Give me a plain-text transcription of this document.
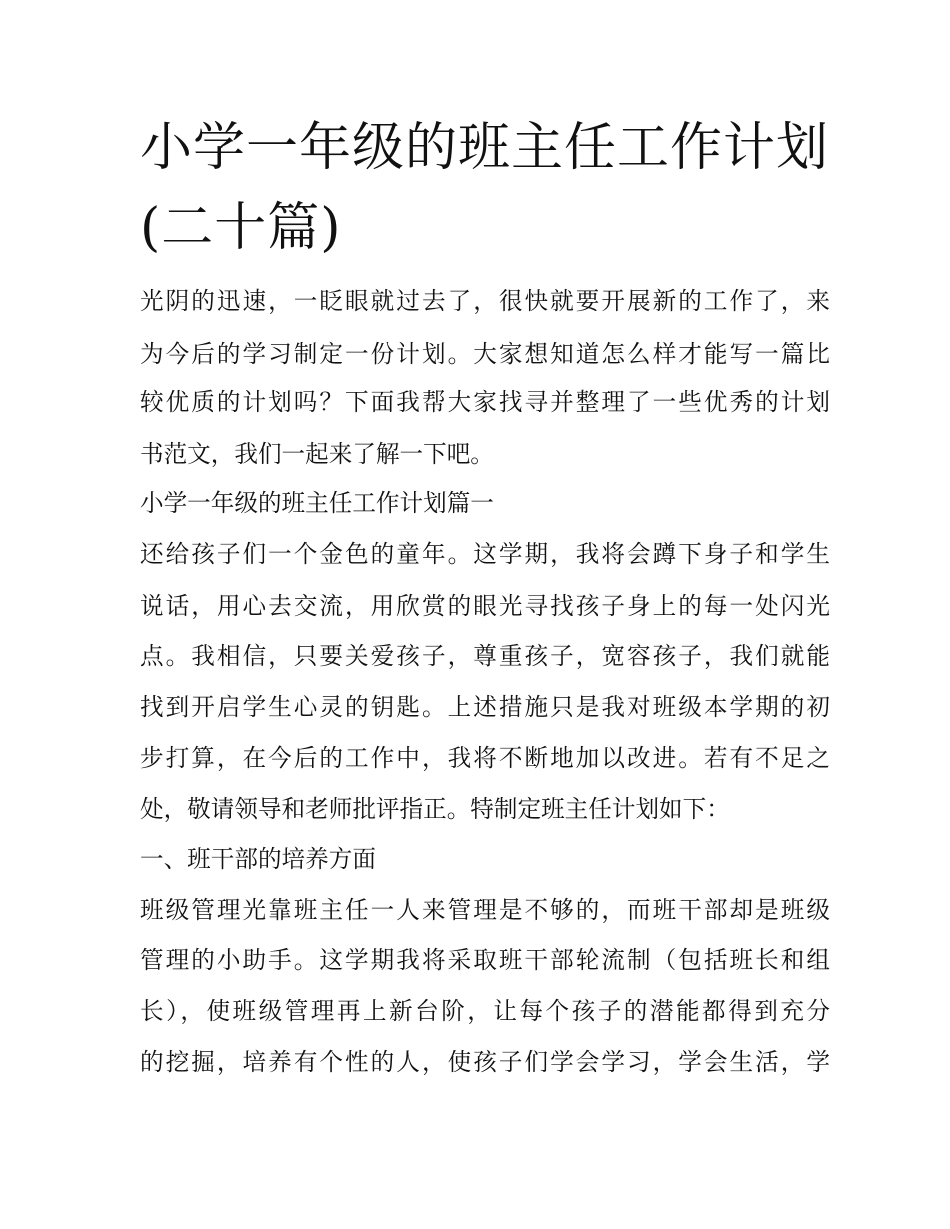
小学一年级的班主任工作计划
(二十篇)
光阴的迅速，一眨眼就过去了，很快就要开展新的工作了，来
为今后的学习制定一份计划。大家想知道怎么样才能写一篇比
较优质的计划吗？下面我帮大家找寻并整理了一些优秀的计划
书范文，我们一起来了解一下吧。
小学一年级的班主任工作计划篇一
还给孩子们一个金色的童年。这学期，我将会蹲下身子和学生
说话，用心去交流，用欣赏的眼光寻找孩子身上的每一处闪光
点。我相信，只要关爱孩子，尊重孩子，宽容孩子，我们就能
找到开启学生心灵的钥匙。上述措施只是我对班级本学期的初
步打算，在今后的工作中，我将不断地加以改进。若有不足之
处，敬请领导和老师批评指正。特制定班主任计划如下：
一、班干部的培养方面
班级管理光靠班主任一人来管理是不够的，而班干部却是班级
管理的小助手。这学期我将采取班干部轮流制（包括班长和组
长），使班级管理再上新台阶，让每个孩子的潜能都得到充分
的挖掘，培养有个性的人，使孩子们学会学习，学会生活，学
